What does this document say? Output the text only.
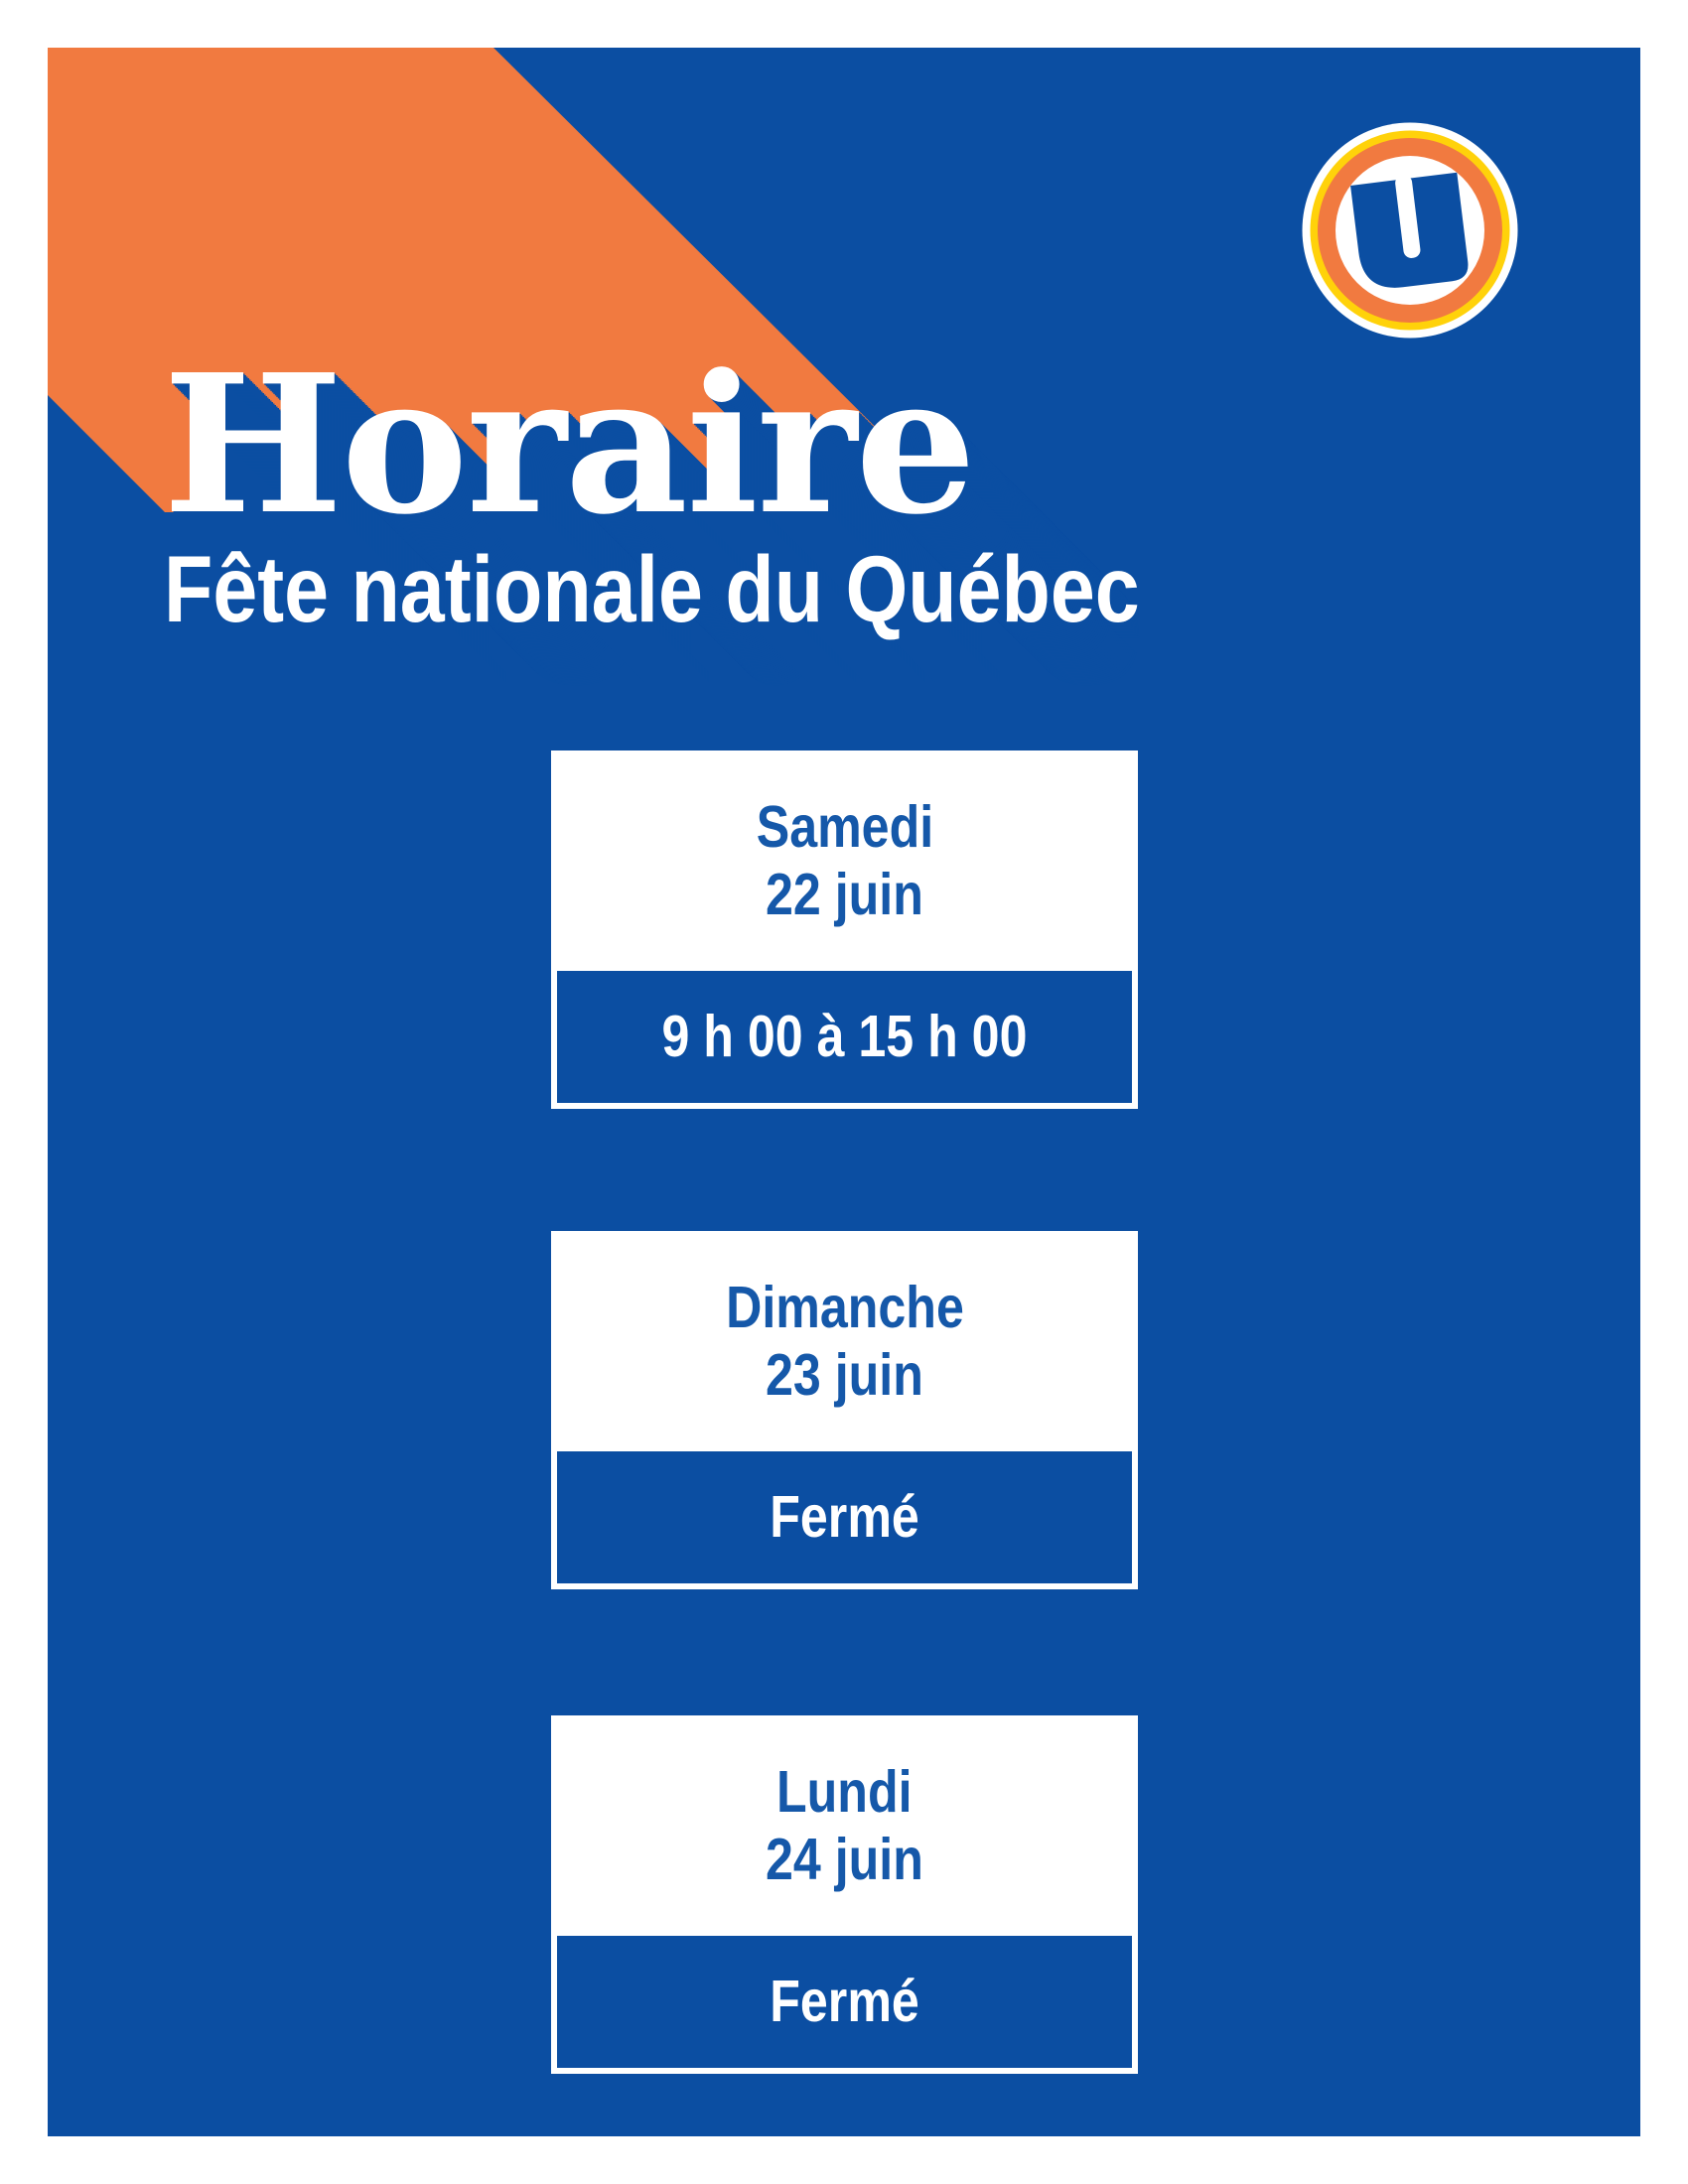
Horaire
Fête nationale du Québec
Samedi
22 juin
9 h 00 à 15 h 00
Dimanche
23 juin
Fermé
Lundi
24 juin
Fermé
